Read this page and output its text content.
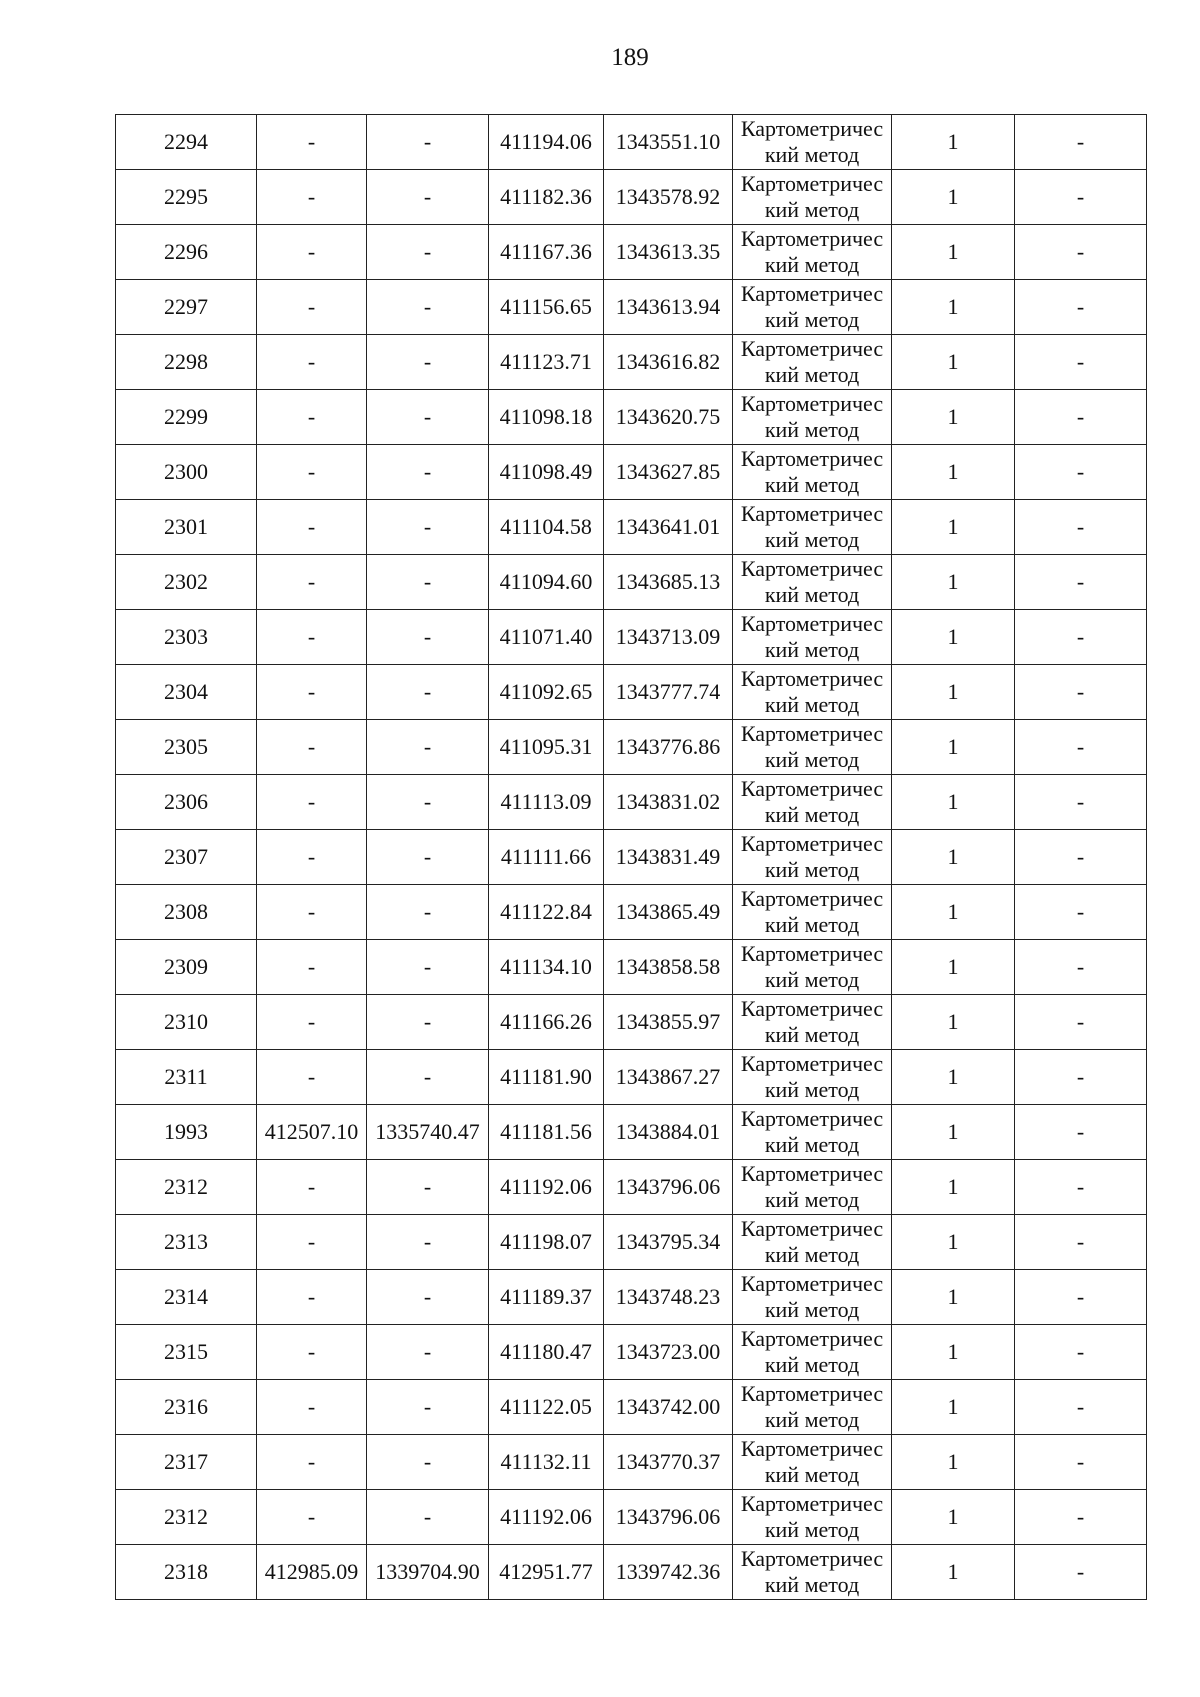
189
2294	-	-	411194.06	1343551.10	Картометричес
кий метод	1	-
2295	-	-	411182.36	1343578.92	Картометричес
кий метод	1	-
2296	-	-	411167.36	1343613.35	Картометричес
кий метод	1	-
2297	-	-	411156.65	1343613.94	Картометричес
кий метод	1	-
2298	-	-	411123.71	1343616.82	Картометричес
кий метод	1	-
2299	-	-	411098.18	1343620.75	Картометричес
кий метод	1	-
2300	-	-	411098.49	1343627.85	Картометричес
кий метод	1	-
2301	-	-	411104.58	1343641.01	Картометричес
кий метод	1	-
2302	-	-	411094.60	1343685.13	Картометричес
кий метод	1	-
2303	-	-	411071.40	1343713.09	Картометричес
кий метод	1	-
2304	-	-	411092.65	1343777.74	Картометричес
кий метод	1	-
2305	-	-	411095.31	1343776.86	Картометричес
кий метод	1	-
2306	-	-	411113.09	1343831.02	Картометричес
кий метод	1	-
2307	-	-	411111.66	1343831.49	Картометричес
кий метод	1	-
2308	-	-	411122.84	1343865.49	Картометричес
кий метод	1	-
2309	-	-	411134.10	1343858.58	Картометричес
кий метод	1	-
2310	-	-	411166.26	1343855.97	Картометричес
кий метод	1	-
2311	-	-	411181.90	1343867.27	Картометричес
кий метод	1	-
1993	412507.10	1335740.47	411181.56	1343884.01	Картометричес
кий метод	1	-
2312	-	-	411192.06	1343796.06	Картометричес
кий метод	1	-
2313	-	-	411198.07	1343795.34	Картометричес
кий метод	1	-
2314	-	-	411189.37	1343748.23	Картометричес
кий метод	1	-
2315	-	-	411180.47	1343723.00	Картометричес
кий метод	1	-
2316	-	-	411122.05	1343742.00	Картометричес
кий метод	1	-
2317	-	-	411132.11	1343770.37	Картометричес
кий метод	1	-
2312	-	-	411192.06	1343796.06	Картометричес
кий метод	1	-
2318	412985.09	1339704.90	412951.77	1339742.36	Картометричес
кий метод	1	-
